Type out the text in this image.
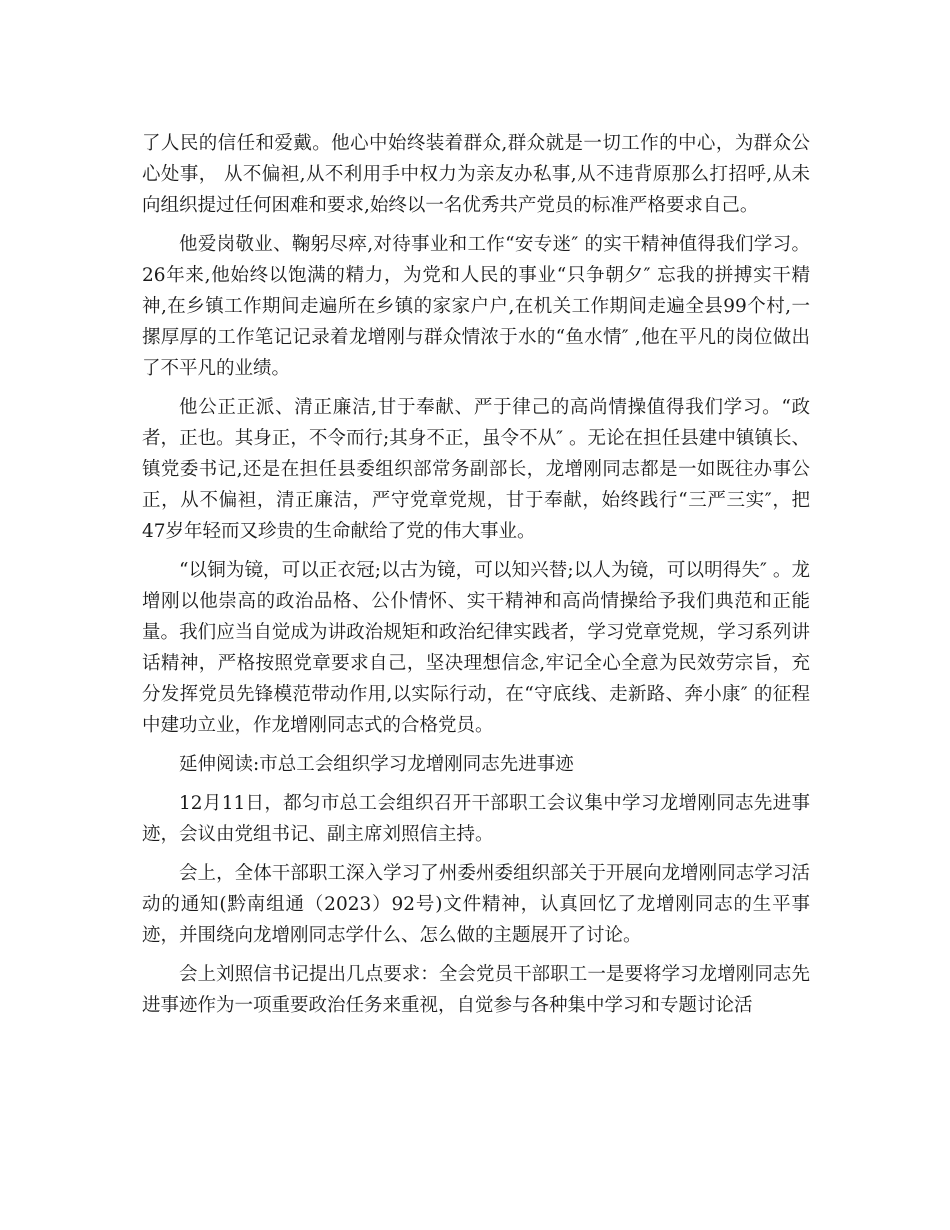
了人民的信任和爱戴。他心中始终装着群众,群众就是一切工作的中心，为群众公心处事， 从不偏袒,从不利用手中权力为亲友办私事,从不违背原那么打招呼,从未向组织提过任何困难和要求,始终以一名优秀共产党员的标准严格要求自己。

他爱岗敬业、鞠躬尽瘁,对待事业和工作“安专迷″ 的实干精神值得我们学习。26年来,他始终以饱满的精力，为党和人民的事业“只争朝夕″ 忘我的拼搏实干精神,在乡镇工作期间走遍所在乡镇的家家户户,在机关工作期间走遍全县99个村,一摞厚厚的工作笔记记录着龙增刚与群众情浓于水的“鱼水情″ ,他在平凡的岗位做出了不平凡的业绩。

他公正正派、清正廉洁,甘于奉献、严于律己的高尚情操值得我们学习。“政者，正也。其身正，不令而行;其身不正，虽令不从″ 。无论在担任县建中镇镇长、镇党委书记,还是在担任县委组织部常务副部长，龙增刚同志都是一如既往办事公正，从不偏袒，清正廉洁，严守党章党规，甘于奉献，始终践行“三严三实″，把47岁年轻而又珍贵的生命献给了党的伟大事业。

“以铜为镜，可以正衣冠;以古为镜，可以知兴替;以人为镜，可以明得失″ 。龙增刚以他崇高的政治品格、公仆情怀、实干精神和高尚情操给予我们典范和正能量。我们应当自觉成为讲政治规矩和政治纪律实践者，学习党章党规，学习系列讲话精神，严格按照党章要求自己，坚决理想信念,牢记全心全意为民效劳宗旨，充分发挥党员先锋模范带动作用,以实际行动，在“守底线、走新路、奔小康″ 的征程中建功立业，作龙增刚同志式的合格党员。

延伸阅读:市总工会组织学习龙增刚同志先进事迹

12月11日，都匀市总工会组织召开干部职工会议集中学习龙增刚同志先进事迹，会议由党组书记、副主席刘照信主持。

会上，全体干部职工深入学习了州委州委组织部关于开展向龙增刚同志学习活动的通知(黔南组通（2023）92号)文件精神，认真回忆了龙增刚同志的生平事迹，并围绕向龙增刚同志学什么、怎么做的主题展开了讨论。

会上刘照信书记提出几点要求：全会党员干部职工一是要将学习龙增刚同志先进事迹作为一项重要政治任务来重视，自觉参与各种集中学习和专题讨论活
